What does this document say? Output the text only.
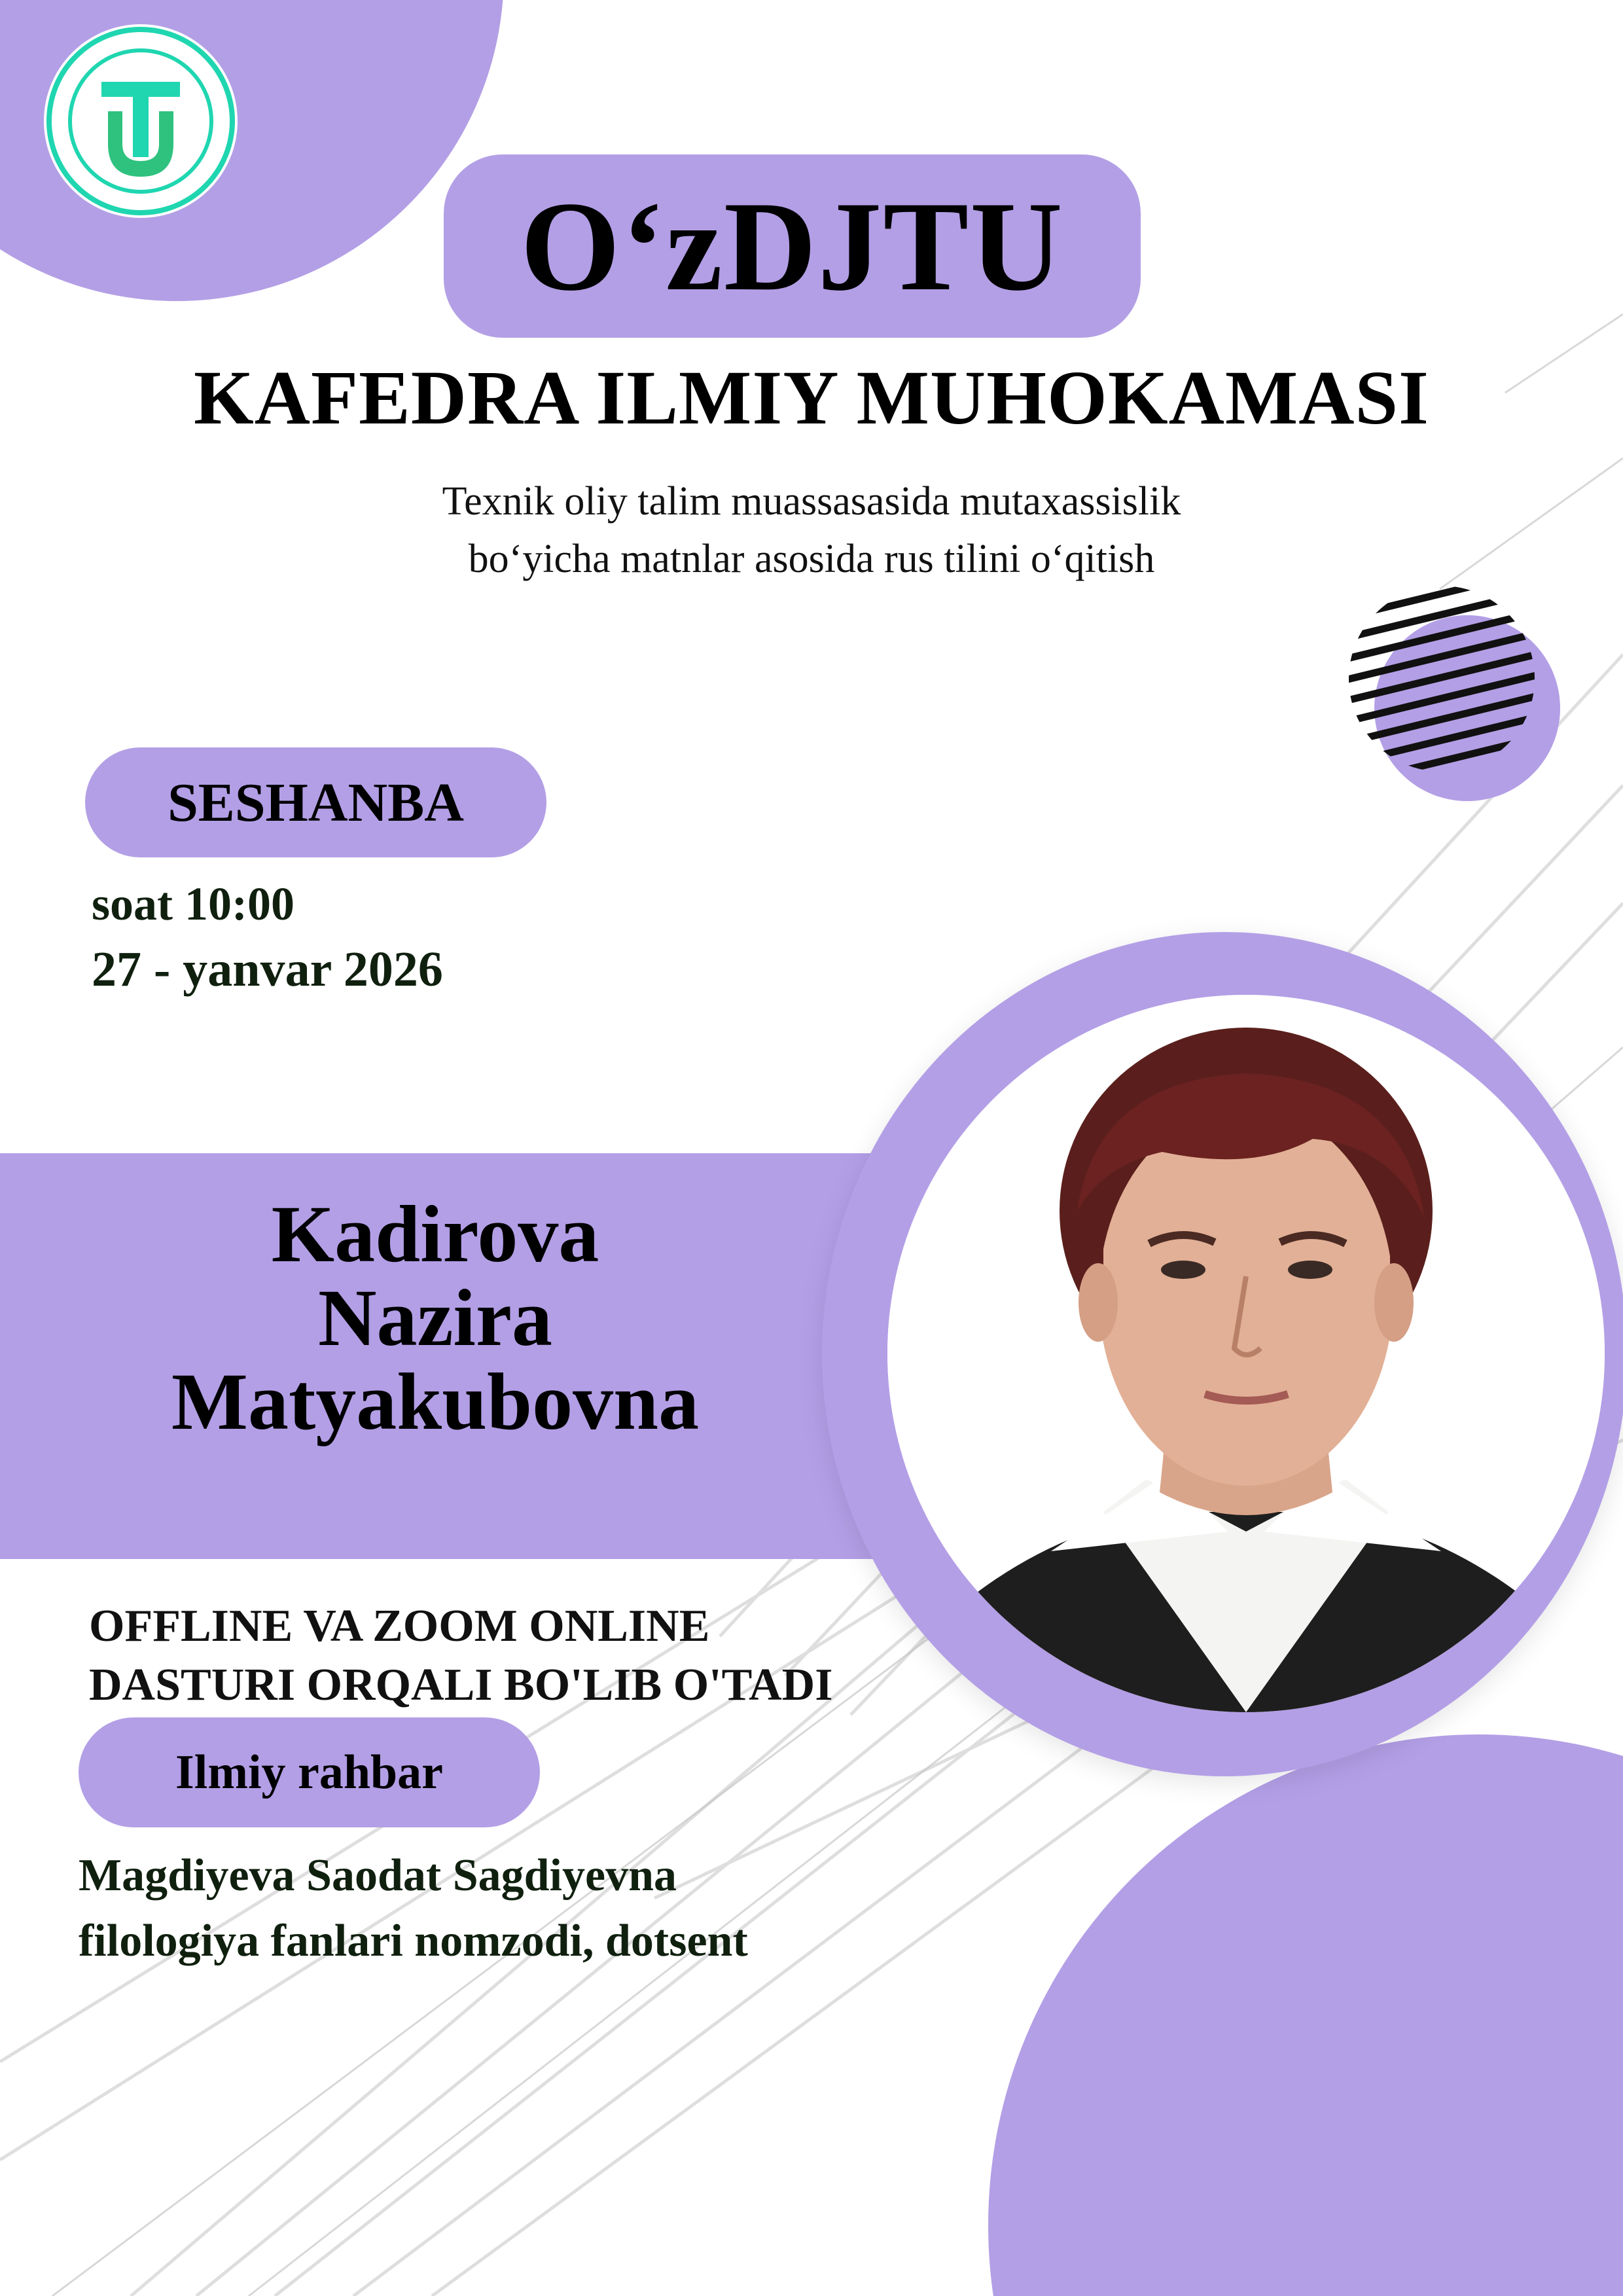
O‘zDJTU
KAFEDRA ILMIY MUHOKAMASI
Texnik oliy talim muassasasida mutaxassislik
bo‘yicha matnlar asosida rus tilini o‘qitish
SESHANBA
soat 10:00
27 - yanvar 2026
Kadirova
Nazira
Matyakubovna
OFFLINE VA ZOOM ONLINE
DASTURI ORQALI BO'LIB O'TADI
Ilmiy rahbar
Magdiyeva Saodat Sagdiyevna
filologiya fanlari nomzodi, dotsent
